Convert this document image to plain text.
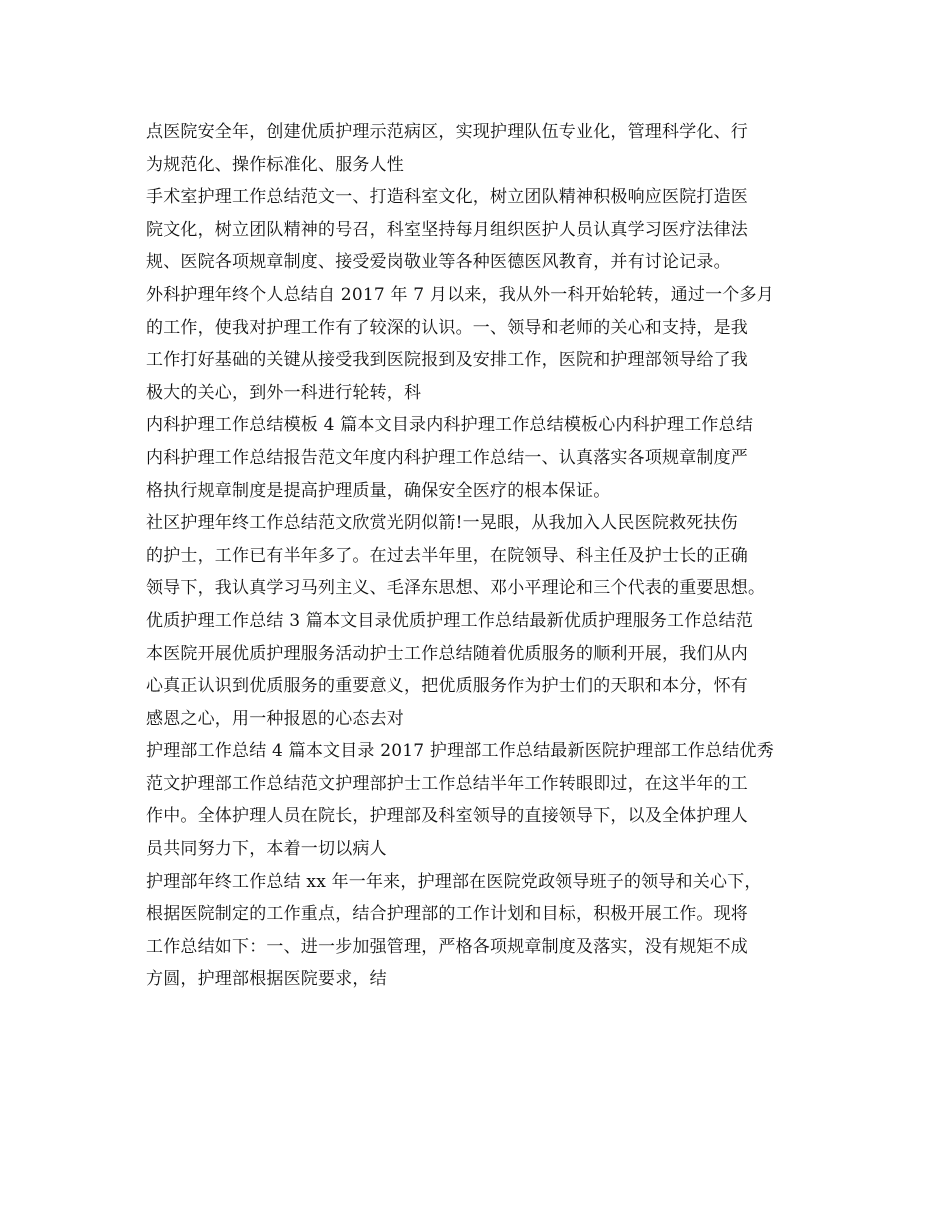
点医院安全年，创建优质护理示范病区，实现护理队伍专业化，管理科学化、行
为规范化、操作标准化、服务人性
手术室护理工作总结范文一、打造科室文化，树立团队精神积极响应医院打造医
院文化，树立团队精神的号召，科室坚持每月组织医护人员认真学习医疗法律法
规、医院各项规章制度、接受爱岗敬业等各种医德医风教育，并有讨论记录。
外科护理年终个人总结自 2017 年 7 月以来，我从外一科开始轮转，通过一个多月
的工作，使我对护理工作有了较深的认识。一、领导和老师的关心和支持，是我
工作打好基础的关键从接受我到医院报到及安排工作，医院和护理部领导给了我
极大的关心，到外一科进行轮转，科
内科护理工作总结模板 4 篇本文目录内科护理工作总结模板心内科护理工作总结
内科护理工作总结报告范文年度内科护理工作总结一、认真落实各项规章制度严
格执行规章制度是提高护理质量，确保安全医疗的根本保证。
社区护理年终工作总结范文欣赏光阴似箭!一晃眼，从我加入人民医院救死扶伤
的护士，工作已有半年多了。在过去半年里，在院领导、科主任及护士长的正确
领导下，我认真学习马列主义、毛泽东思想、邓小平理论和三个代表的重要思想。
优质护理工作总结 3 篇本文目录优质护理工作总结最新优质护理服务工作总结范
本医院开展优质护理服务活动护士工作总结随着优质服务的顺利开展，我们从内
心真正认识到优质服务的重要意义，把优质服务作为护士们的天职和本分，怀有
感恩之心，用一种报恩的心态去对
护理部工作总结 4 篇本文目录 2017 护理部工作总结最新医院护理部工作总结优秀
范文护理部工作总结范文护理部护士工作总结半年工作转眼即过，在这半年的工
作中。全体护理人员在院长，护理部及科室领导的直接领导下，以及全体护理人
员共同努力下，本着一切以病人
护理部年终工作总结 xx 年一年来，护理部在医院党政领导班子的领导和关心下，
根据医院制定的工作重点，结合护理部的工作计划和目标，积极开展工作。现将
工作总结如下：一、进一步加强管理，严格各项规章制度及落实，没有规矩不成
方圆，护理部根据医院要求，结
